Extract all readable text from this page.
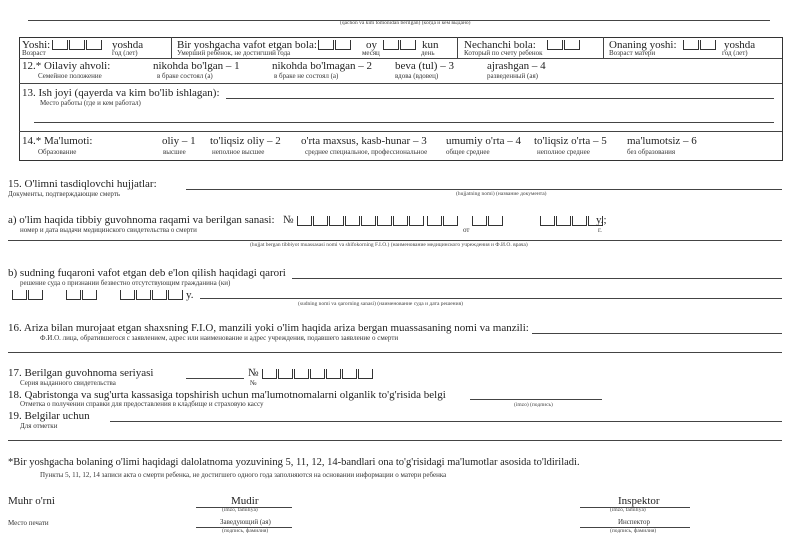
(qachon va kim tomonidan berilgan) (когда и кем выдано)
Yoshi:	yoshda
Возраст	год (лет)
Bir yoshgacha vafot etgan bola:
Умерший ребенок, не достигший года
oy
месяц
kun
день
Nechanchi bola:
Который по счету ребенок
Onaning yoshi:
Возраст матери
yoshda
год (лет)
12.* Oilaviy ahvoli:
Семейное положение
nikohda bo'lgan – 1
в браке состоял (а)
nikohda bo'lmagan – 2
в браке не состоял (а)
beva (tul) – 3
вдова (вдовец)
ajrashgan – 4
разведенный (ая)
13. Ish joyi (qayerda va kim bo'lib ishlagan):
Место работы (где и кем работал)
14.* Ma'lumoti:
Образование
oliy – 1
высшее
to'liqsiz oliy – 2
неполное высшее
o'rta maxsus, kasb-hunar – 3
среднее специальное, профессиональное
umumiy o'rta – 4
общее среднее
to'liqsiz o'rta – 5
неполное среднее
ma'lumotsiz – 6
без образования
15. O'limni tasdiqlovchi hujjatlar:
Документы, подтверждающие смерть	(hujjatning nomi) (название документа)
a) o'lim haqida tibbiy guvohnoma raqami va berilgan sanasi:
номер и дата выдачи медицинского свидетельства о смерти
№
от
y.;
г.
(hujjat bergan tibbiyot muassasasi nomi va shifokorning F.I.O.) (наименование медицинского учреждения и Ф.И.О. врача)
b) sudning fuqaroni vafot etgan deb e'lon qilish haqidagi qarori
решение суда о признании безвестно отсутствующим гражданина (ки)
y.
(sudning nomi va qarorning sanasi) (наименование суда и дата решения)
16. Ariza bilan murojaat etgan shaxsning F.I.O, manzili yoki o'lim haqida ariza bergan muassasaning nomi va manzili:
Ф.И.О. лица, обратившегося с заявлением, адрес или наименование и адрес учреждения, подавшего заявление о смерти
17. Berilgan guvohnoma seriyasi	№
Серия выданного свидетельства	№
18. Qabristonga va sug'urta kassasiga topshirish uchun ma'lumotnomalarni olganlik to'g'risida belgi
Отметка о получении справки для предоставления в кладбище и страховую кассу	(imzo) (подпись)
19. Belgilar uchun
Для отметки
*Bir yoshgacha bolaning o'limi haqidagi dalolatnoma yozuvining 5, 11, 12, 14-bandlari ona to'g'risidagi ma'lumotlar asosida to'ldiriladi.
Пункты 5, 11, 12, 14 записи акта о смерти ребенка, не достигшего одного года заполняются на основании информации о матери ребенка
Muhr o'rni
Место печати
Mudir
(imzo, familiya)
Заведующий (ая)
(подпись, фамилия)
Inspektor
(imzo, familiya)
Инспектор
(подпись, фамилия)
